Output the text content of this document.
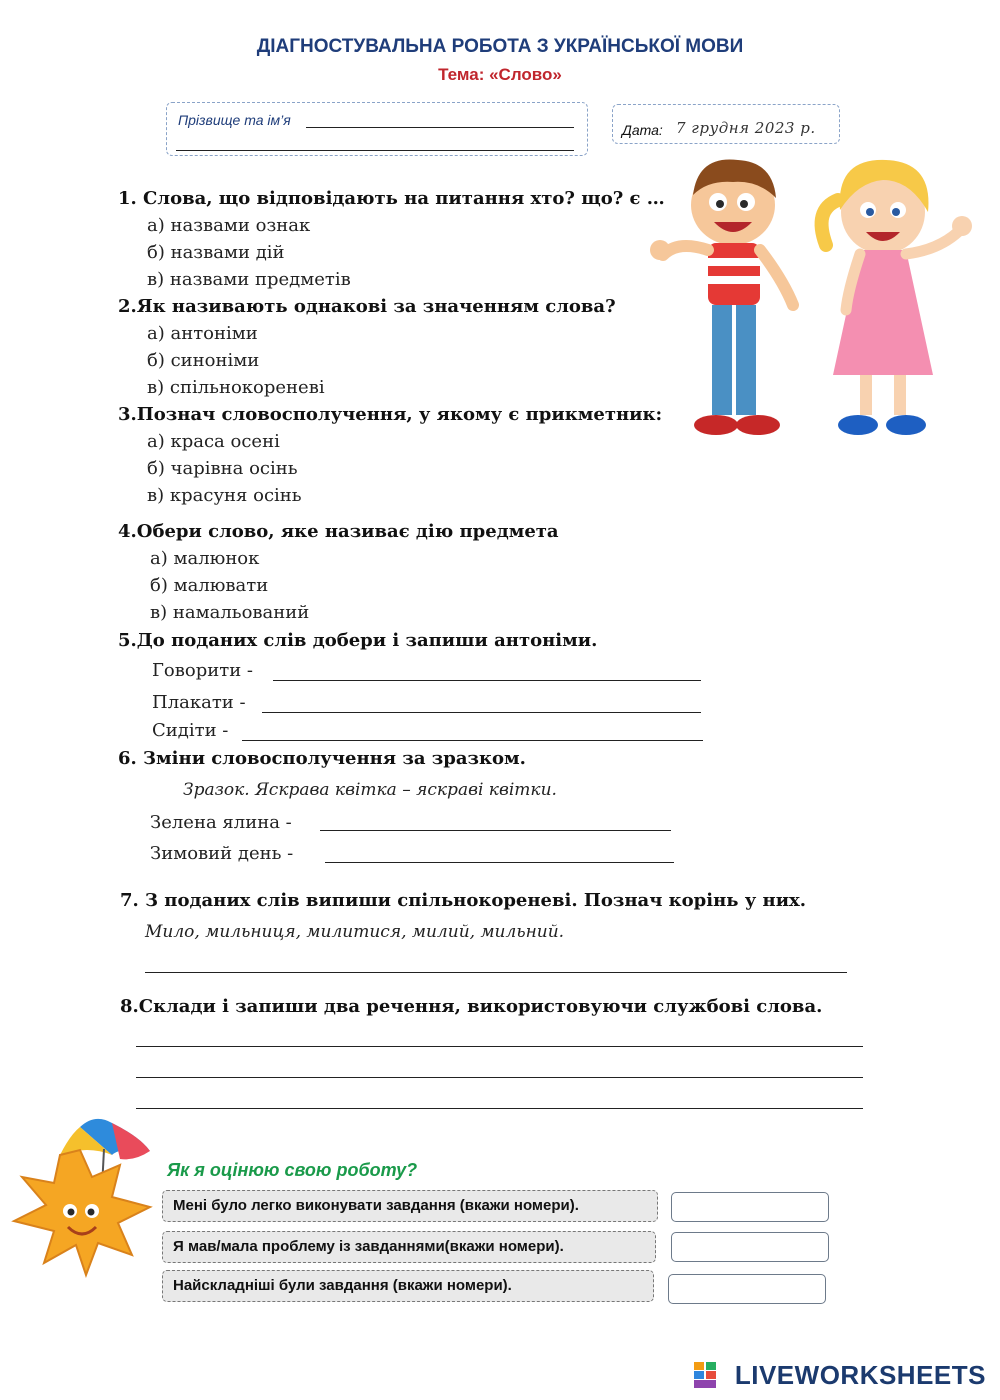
ДІАГНОСТУВАЛЬНА РОБОТА З УКРАЇНСЬКОЇ МОВИ
Тема: «Слово»
Прізвище та ім’я
Дата: 7 грудня 2023 р.
1. Слова, що відповідають на питання хто? що? є …
а) назвами ознак
б) назвами дій
в) назвами предметів
2.Як називають однакові за значенням слова?
а) антоніми
б) синоніми
в) спільнокореневі
3.Познач словосполучення, у якому є прикметник:
а) краса осені
б) чарівна осінь
в) красуня осінь
4.Обери слово, яке називає дію предмета
а) малюнок
б) малювати
в) намальований
5.До поданих слів добери і запиши антоніми.
Говорити -
Плакати -
Сидіти -
6. Зміни словосполучення за зразком.
Зразок. Яскрава квітка – яскраві квітки.
Зелена ялина -
Зимовий день -
7. З поданих слів випиши спільнокореневі. Познач корінь у них.
Мило, мильниця, милитися, милий, мильний.
8.Склади і запиши два речення, використовуючи службові слова.
Як я оцінюю свою роботу?
Мені було легко виконувати завдання (вкажи номери).
Я мав/мала проблему із завданнями(вкажи номери).
Найскладніші були завдання (вкажи номери).
LIVEWORKSHEETS
